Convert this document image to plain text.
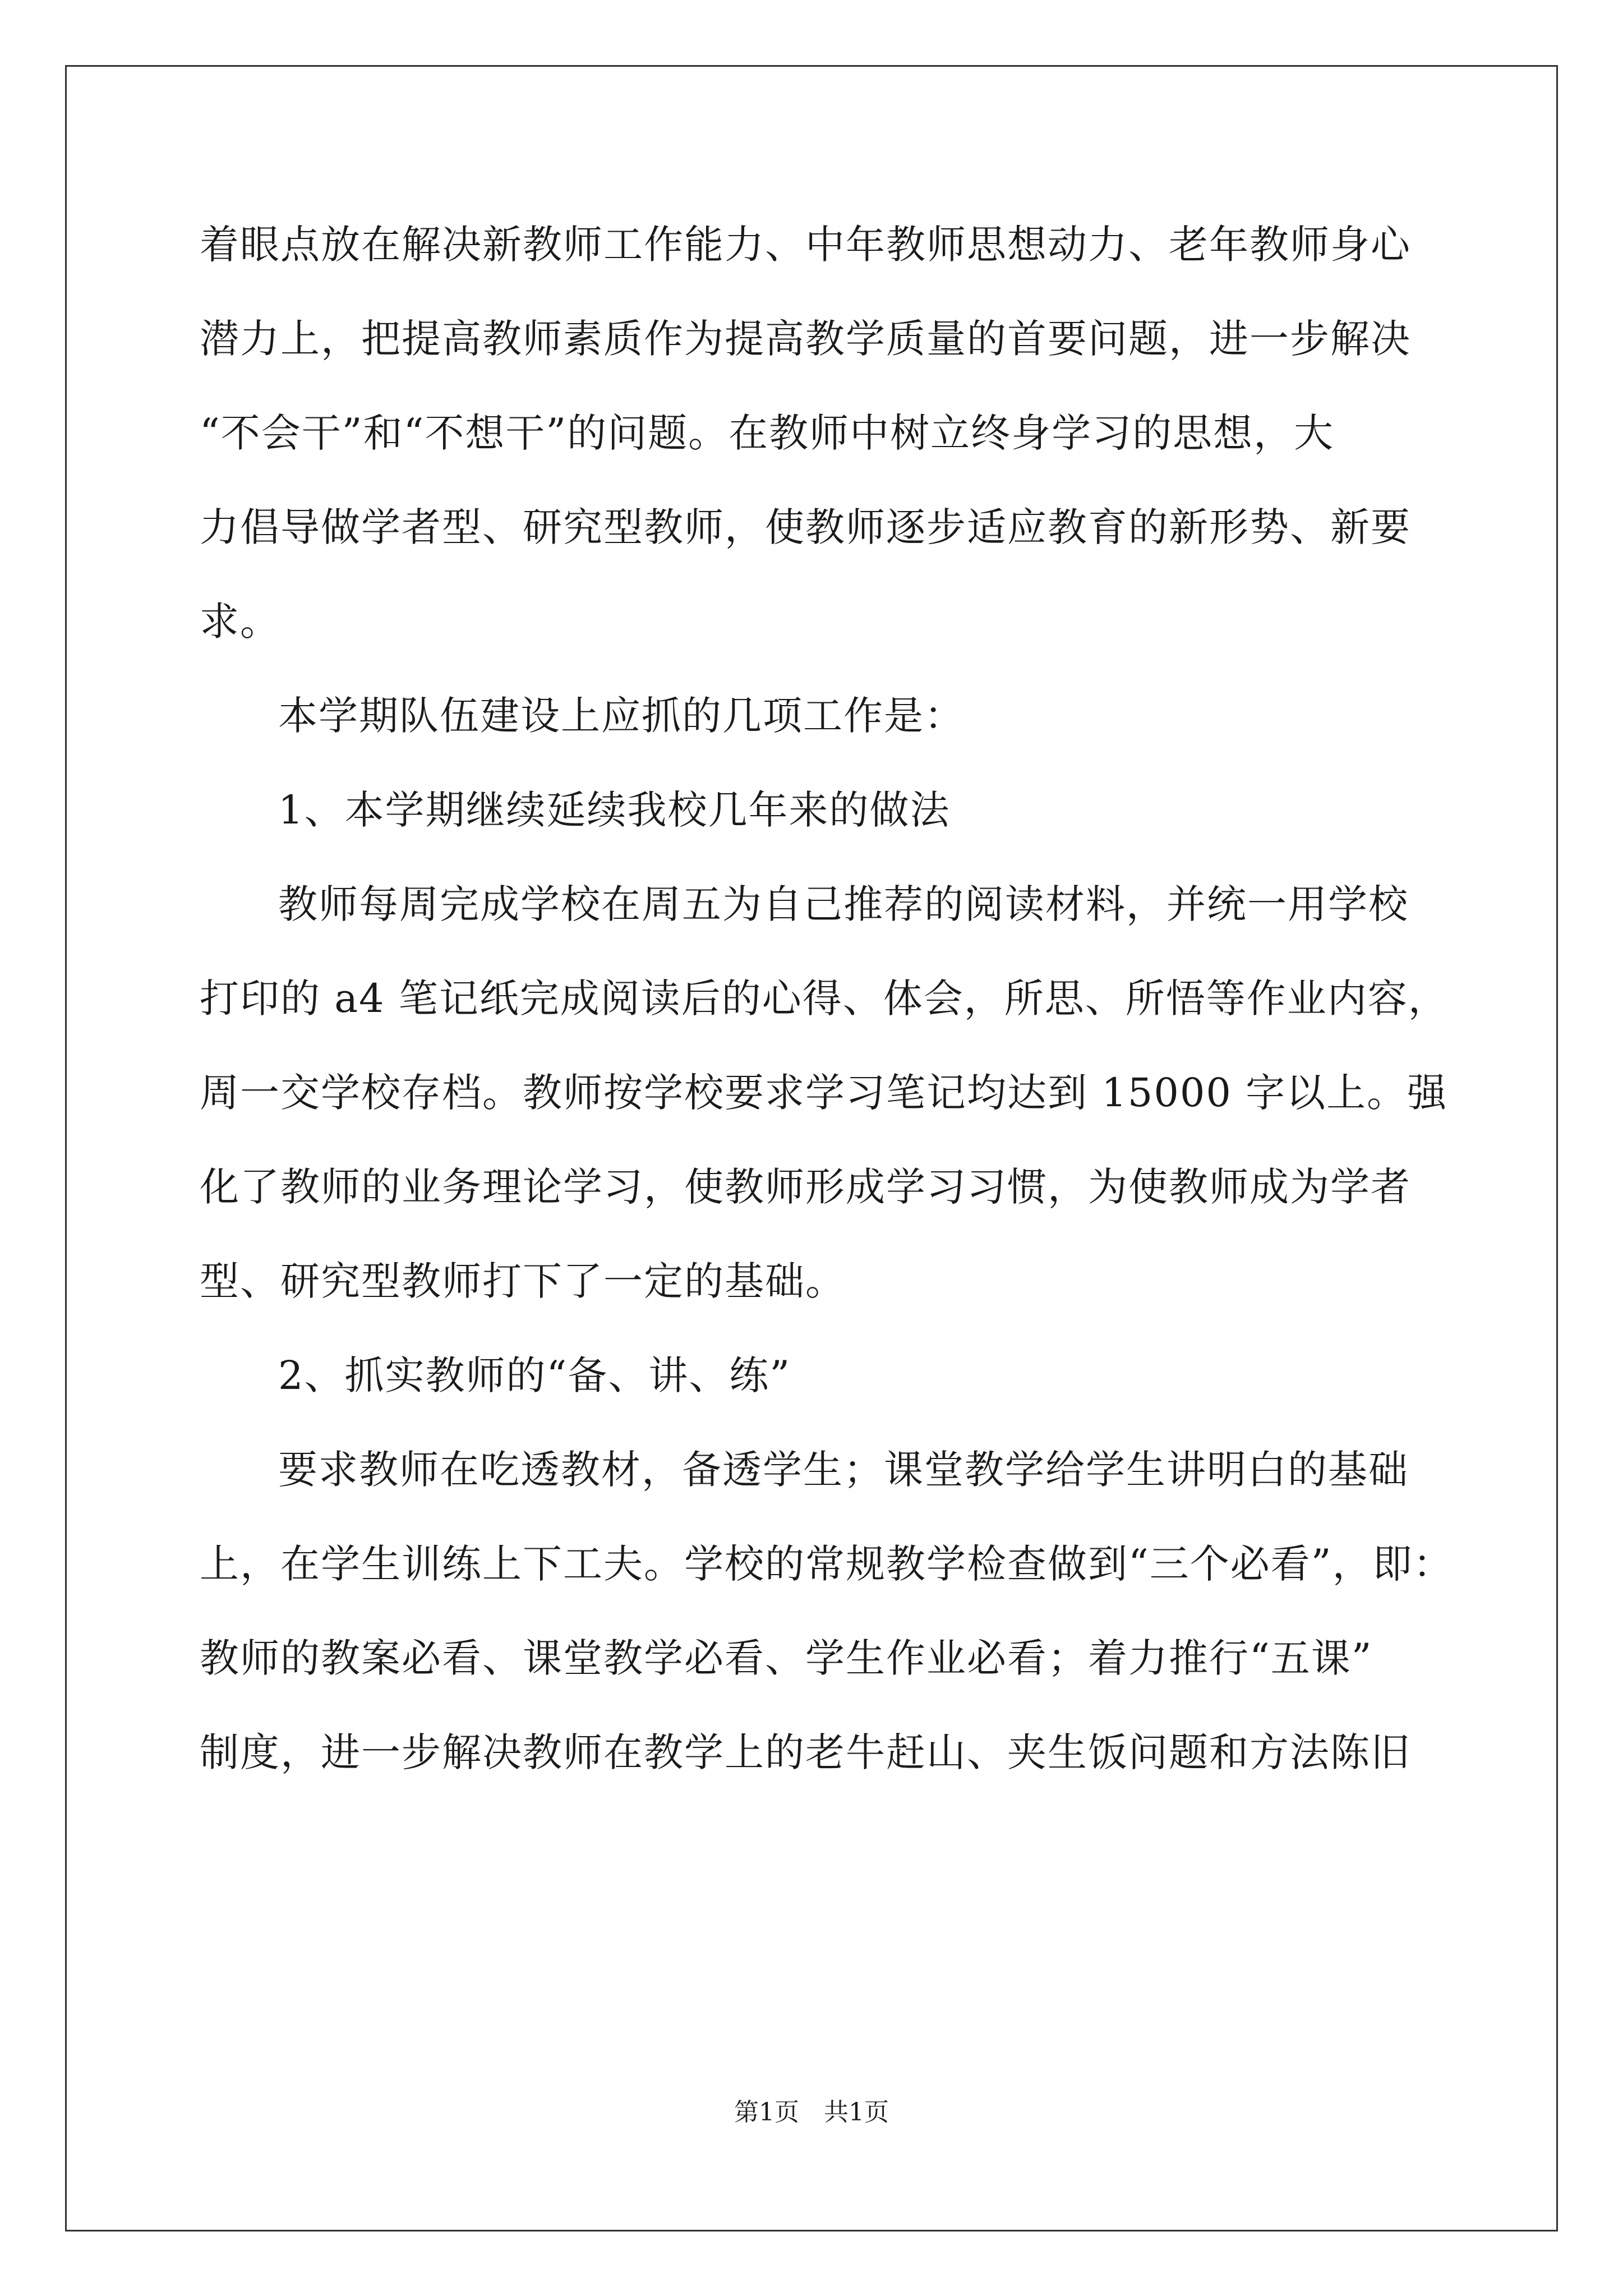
着眼点放在解决新教师工作能力、中年教师思想动力、老年教师身心
潜力上，把提高教师素质作为提高教学质量的首要问题，进一步解决
“不会干”和“不想干”的问题。在教师中树立终身学习的思想，大
力倡导做学者型、研究型教师，使教师逐步适应教育的新形势、新要
求。
本学期队伍建设上应抓的几项工作是：
1、本学期继续延续我校几年来的做法
教师每周完成学校在周五为自己推荐的阅读材料，并统一用学校
打印的 a4 笔记纸完成阅读后的心得、体会，所思、所悟等作业内容，
周一交学校存档。教师按学校要求学习笔记均达到 15000 字以上。强
化了教师的业务理论学习，使教师形成学习习惯，为使教师成为学者
型、研究型教师打下了一定的基础。
2、抓实教师的“备、讲、练”
要求教师在吃透教材，备透学生；课堂教学给学生讲明白的基础
上，在学生训练上下工夫。学校的常规教学检查做到“三个必看”，即：
教师的教案必看、课堂教学必看、学生作业必看；着力推行“五课”
制度，进一步解决教师在教学上的老牛赶山、夹生饭问题和方法陈旧
第1页　共1页
